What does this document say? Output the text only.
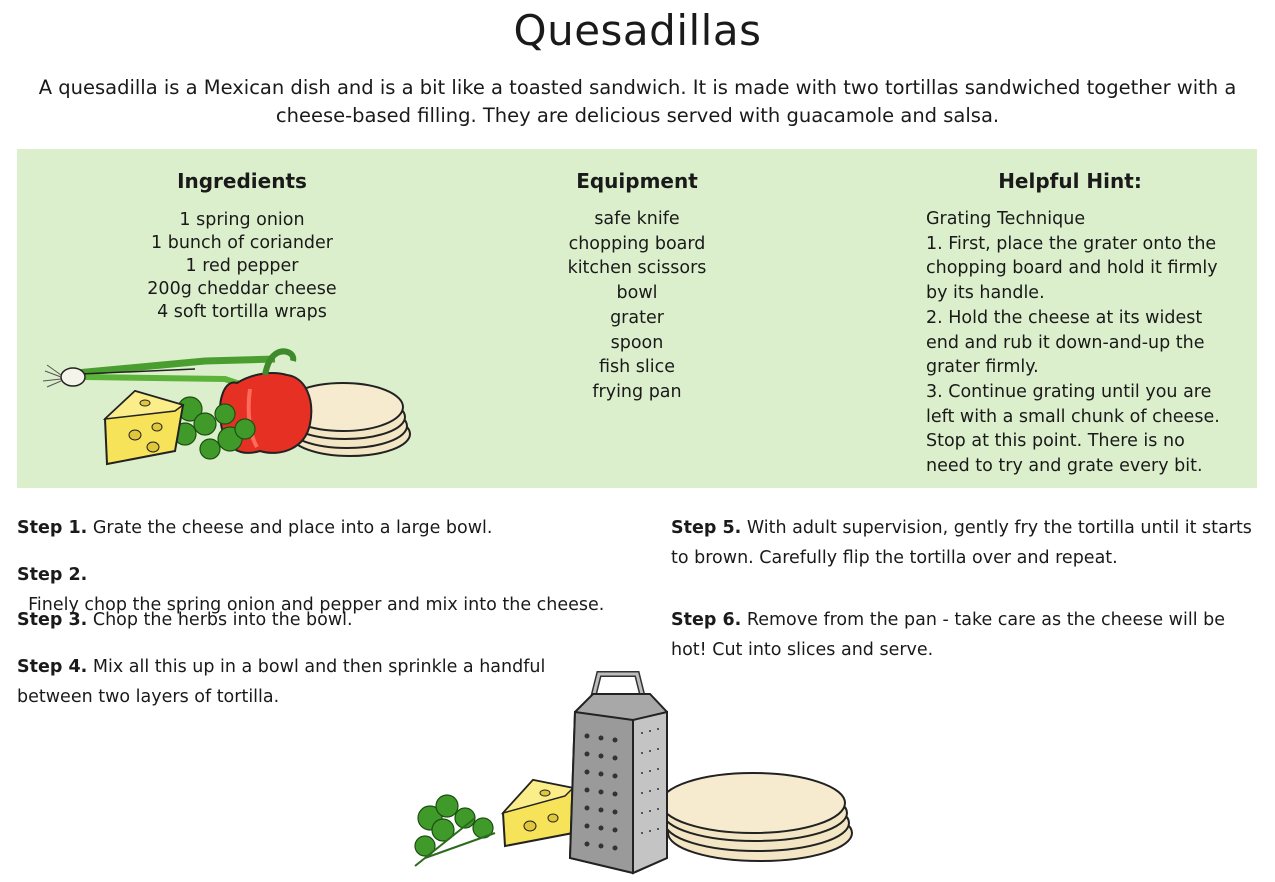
Quesadillas

A quesadilla is a Mexican dish and is a bit like a toasted sandwich. It is made with two tortillas sandwiched together with a cheese-based filling. They are delicious served with guacamole and salsa.

Ingredients
1 spring onion
1 bunch of coriander
1 red pepper
200g cheddar cheese
4 soft tortilla wraps
Equipment
safe knife
chopping board
kitchen scissors
bowl
grater
spoon
fish slice
frying pan
Helpful Hint:

Grating Technique

1. First, place the grater onto the chopping board and hold it firmly by its handle.

2. Hold the cheese at its widest end and rub it down-and-up the grater firmly.

3. Continue grating until you are left with a small chunk of cheese. Stop at this point. There is no need to try and grate every bit.

Step 1. Grate the cheese and place into a large bowl.

Step 2.  Finely chop the spring onion and pepper and mix into the cheese.

Step 3. Chop the herbs into the bowl.

Step 4. Mix all this up in a bowl and then sprinkle a handful between two layers of tortilla.

Step 5. With adult supervision, gently fry the tortilla until it starts to brown. Carefully flip the tortilla over and repeat.

Step 6. Remove from the pan - take care as the cheese will be hot! Cut into slices and serve.
